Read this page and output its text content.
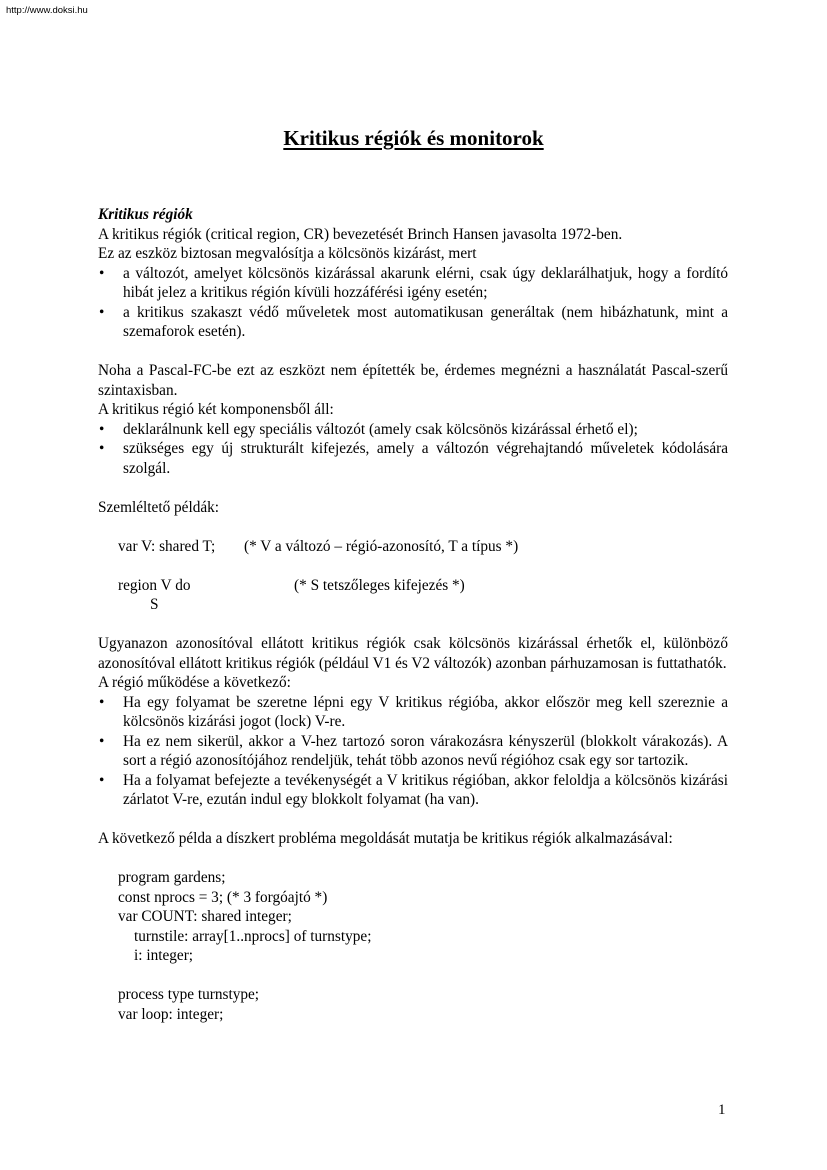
http://www.doksi.hu
Kritikus régiók és monitorok

Kritikus régiók

A kritikus régiók (critical region, CR) bevezetését Brinch Hansen javasolta 1972-ben.

Ez az eszköz biztosan megvalósítja a kölcsönös kizárást, mert

• a változót, amelyet kölcsönös kizárással akarunk elérni, csak úgy deklarálhatjuk, hogy a fordító hibát jelez a kritikus régión kívüli hozzáférési igény esetén;
• a kritikus szakaszt védő műveletek most automatikusan generáltak (nem hibázhatunk, mint a szemaforok esetén).

Noha a Pascal-FC-be ezt az eszközt nem építették be, érdemes megnézni a használatát Pascal-szerű szintaxisban.

A kritikus régió két komponensből áll:

• deklarálnunk kell egy speciális változót (amely csak kölcsönös kizárással érhető el);
• szükséges egy új strukturált kifejezés, amely a változón végrehajtandó műveletek kódolására szolgál.

Szemléltető példák:

var V: shared T;	(* V a változó – régió-azonosító, T a típus *)
region V do	(* S tetszőleges kifejezés *)
S

Ugyanazon azonosítóval ellátott kritikus régiók csak kölcsönös kizárással érhetők el, különböző azonosítóval ellátott kritikus régiók (például V1 és V2 változók) azonban párhuzamosan is futtathatók.

A régió működése a következő:

• Ha egy folyamat be szeretne lépni egy V kritikus régióba, akkor először meg kell szereznie a kölcsönös kizárási jogot (lock) V-re.
• Ha ez nem sikerül, akkor a V-hez tartozó soron várakozásra kényszerül (blokkolt várakozás). A sort a régió azonosítójához rendeljük, tehát több azonos nevű régióhoz csak egy sor tartozik.
• Ha a folyamat befejezte a tevékenységét a V kritikus régióban, akkor feloldja a kölcsönös kizárási zárlatot V-re, ezután indul egy blokkolt folyamat (ha van).

A következő példa a díszkert probléma megoldását mutatja be kritikus régiók alkalmazásával:

program gardens;
const nprocs = 3; (* 3 forgóajtó *)
var COUNT: shared integer;
turnstile: array[1..nprocs] of turnstype;
i: integer;
process type turnstype;
var loop: integer;
1
